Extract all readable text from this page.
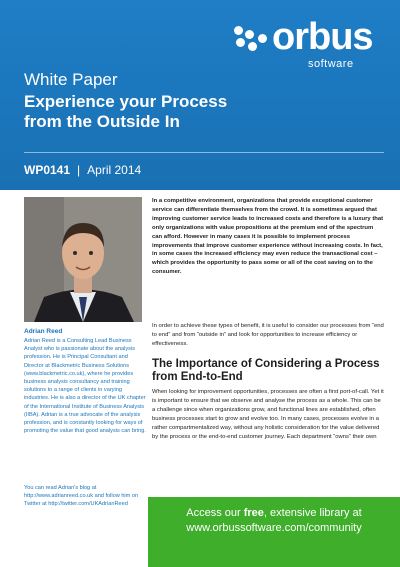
orbus
software
White Paper
Experience your Process
from the Outside In
WP0141 | April 2014
Adrian Reed
Adrian Reed is a Consulting Lead Business Analyst who is passionate about the analysis profession. He is Principal Consultant and Director at Blackmetric Business Solutions (www.blackmetric.co.uk), where he provides business analysis consultancy and training solutions to a range of clients in varying industries. He is also a director of the UK chapter of the International Institute of Business Analysis (IIBA). Adrian is a true advocate of the analysis profession, and is constantly looking for ways of promoting the value that good analysis can bring.
You can read Adrian's blog at http://www.adrianreed.co.uk and follow him on Twitter at http://twitter.com/UKAdrianReed
In a competitive environment, organizations that provide exceptional customer service can differentiate themselves from the crowd. It is sometimes argued that improving customer service leads to increased costs and therefore is a luxury that only organizations with value propositions at the premium end of the spectrum can afford. However in many cases it is possible to implement process improvements that improve customer experience without increasing costs. In fact, in some cases the increased efficiency may even reduce the transactional cost – which provides the opportunity to pass some or all of the cost saving on to the consumer.
In order to achieve these types of benefit, it is useful to consider our processes from “end to end” and from “outside in” and look for opportunities to increase efficiency or effectiveness.
The Importance of Considering a Process from End-to-End
When looking for improvement opportunities, processes are often a first port-of-call. Yet it is important to ensure that we observe and analyse the process as a whole. This can be a challenge since when organizations grow, and functional lines are established, often business processes start to grow and evolve too. In many cases, processes evolve in a rather compartmentalized way, without any holistic consideration for the value delivered by the process or the end-to-end customer journey. Each department “owns” their own
Access our free, extensive library at
www.orbussoftware.com/community
